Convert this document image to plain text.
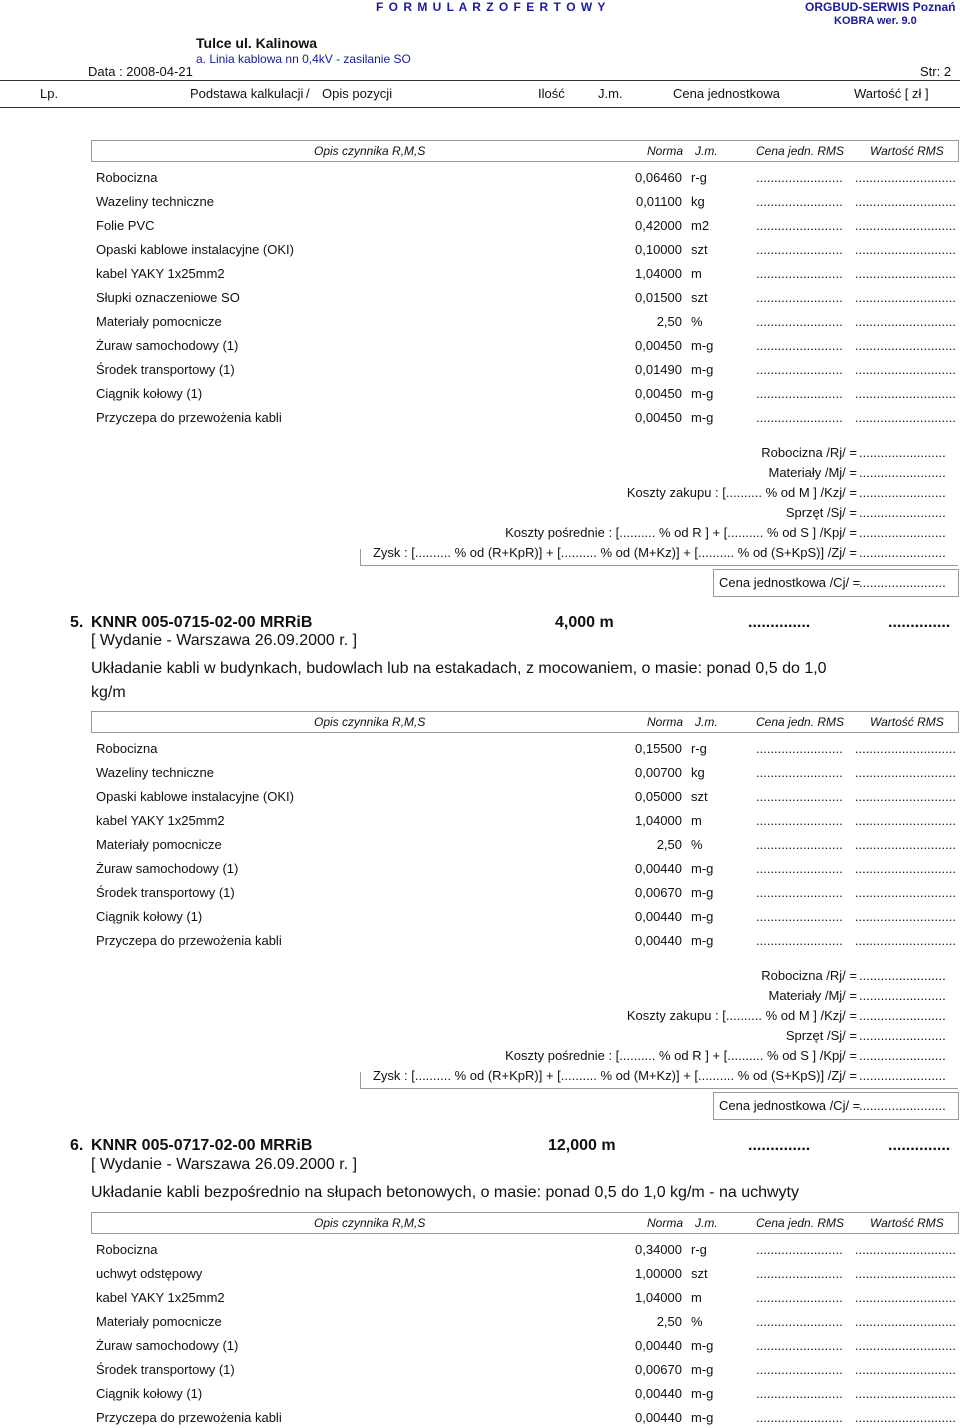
F O R M U L A R Z O F E R T O W Y	ORGBUD-SERWIS Poznań
KOBRA wer. 9.0
Tulce ul. Kalinowa
a. Linia kablowa nn 0,4kV - zasilanie SO
Data : 2008-04-21	Str: 2
Lp.	Podstawa kalkulacji / Opis pozycji	Ilość	J.m.	Cena jednostkowa	Wartość [ zł ]
Opis czynnika R,M,S	Norma J.m.	Cena jedn. RMS Wartość RMS
Robocizna	0,06460 r-g	........................ ............................
Wazeliny techniczne	0,01100 kg	........................ ............................
Folie PVC	0,42000 m2	........................ ............................
Opaski kablowe instalacyjne (OKI)	0,10000 szt	........................ ............................
kabel YAKY 1x25mm2	1,04000 m	........................ ............................
Słupki oznaczeniowe SO	0,01500 szt	........................ ............................
Materiały pomocnicze	2,50 %	........................ ............................
Żuraw samochodowy (1)	0,00450 m-g	........................ ............................
Środek transportowy (1)	0,01490 m-g	........................ ............................
Ciągnik kołowy (1)	0,00450 m-g	........................ ............................
Przyczepa do przewożenia kabli	0,00450 m-g	........................ ............................
Robocizna /Rj/ = ........................
Materiały /Mj/ = ........................
Koszty zakupu : [.......... % od M ] /Kzj/ = ........................
Sprzęt /Sj/ = ........................
Koszty pośrednie : [.......... % od R ] + [.......... % od S ] /Kpj/ = ........................
Zysk : [.......... % od (R+KpR)] + [.......... % od (M+Kz)] + [.......... % od (S+KpS)] /Zj/ = ........................
Cena jednostkowa /Cj/ =
........................
5. KNNR 005-0715-02-00 MRRiB	4,000 m	..............	..............
[ Wydanie - Warszawa 26.09.2000 r. ]
Układanie kabli w budynkach, budowlach lub na estakadach, z mocowaniem, o masie: ponad 0,5 do 1,0
kg/m
Opis czynnika R,M,S	Norma J.m.	Cena jedn. RMS Wartość RMS
Robocizna	0,15500 r-g	........................ ............................
Wazeliny techniczne	0,00700 kg	........................ ............................
Opaski kablowe instalacyjne (OKI)	0,05000 szt	........................ ............................
kabel YAKY 1x25mm2	1,04000 m	........................ ............................
Materiały pomocnicze	2,50 %	........................ ............................
Żuraw samochodowy (1)	0,00440 m-g	........................ ............................
Środek transportowy (1)	0,00670 m-g	........................ ............................
Ciągnik kołowy (1)	0,00440 m-g	........................ ............................
Przyczepa do przewożenia kabli	0,00440 m-g	........................ ............................
Robocizna /Rj/ = ........................
Materiały /Mj/ = ........................
Koszty zakupu : [.......... % od M ] /Kzj/ = ........................
Sprzęt /Sj/ = ........................
Koszty pośrednie : [.......... % od R ] + [.......... % od S ] /Kpj/ = ........................
Zysk : [.......... % od (R+KpR)] + [.......... % od (M+Kz)] + [.......... % od (S+KpS)] /Zj/ = ........................
Cena jednostkowa /Cj/ =
........................
6. KNNR 005-0717-02-00 MRRiB	12,000 m	..............	..............
[ Wydanie - Warszawa 26.09.2000 r. ]
Układanie kabli bezpośrednio na słupach betonowych, o masie: ponad 0,5 do 1,0 kg/m - na uchwyty
Opis czynnika R,M,S	Norma J.m.	Cena jedn. RMS Wartość RMS
Robocizna	0,34000 r-g	........................ ............................
uchwyt odstępowy	1,00000 szt	........................ ............................
kabel YAKY 1x25mm2	1,04000 m	........................ ............................
Materiały pomocnicze	2,50 %	........................ ............................
Żuraw samochodowy (1)	0,00440 m-g	........................ ............................
Środek transportowy (1)	0,00670 m-g	........................ ............................
Ciągnik kołowy (1)	0,00440 m-g	........................ ............................
Przyczepa do przewożenia kabli	0,00440 m-g	........................ ............................
